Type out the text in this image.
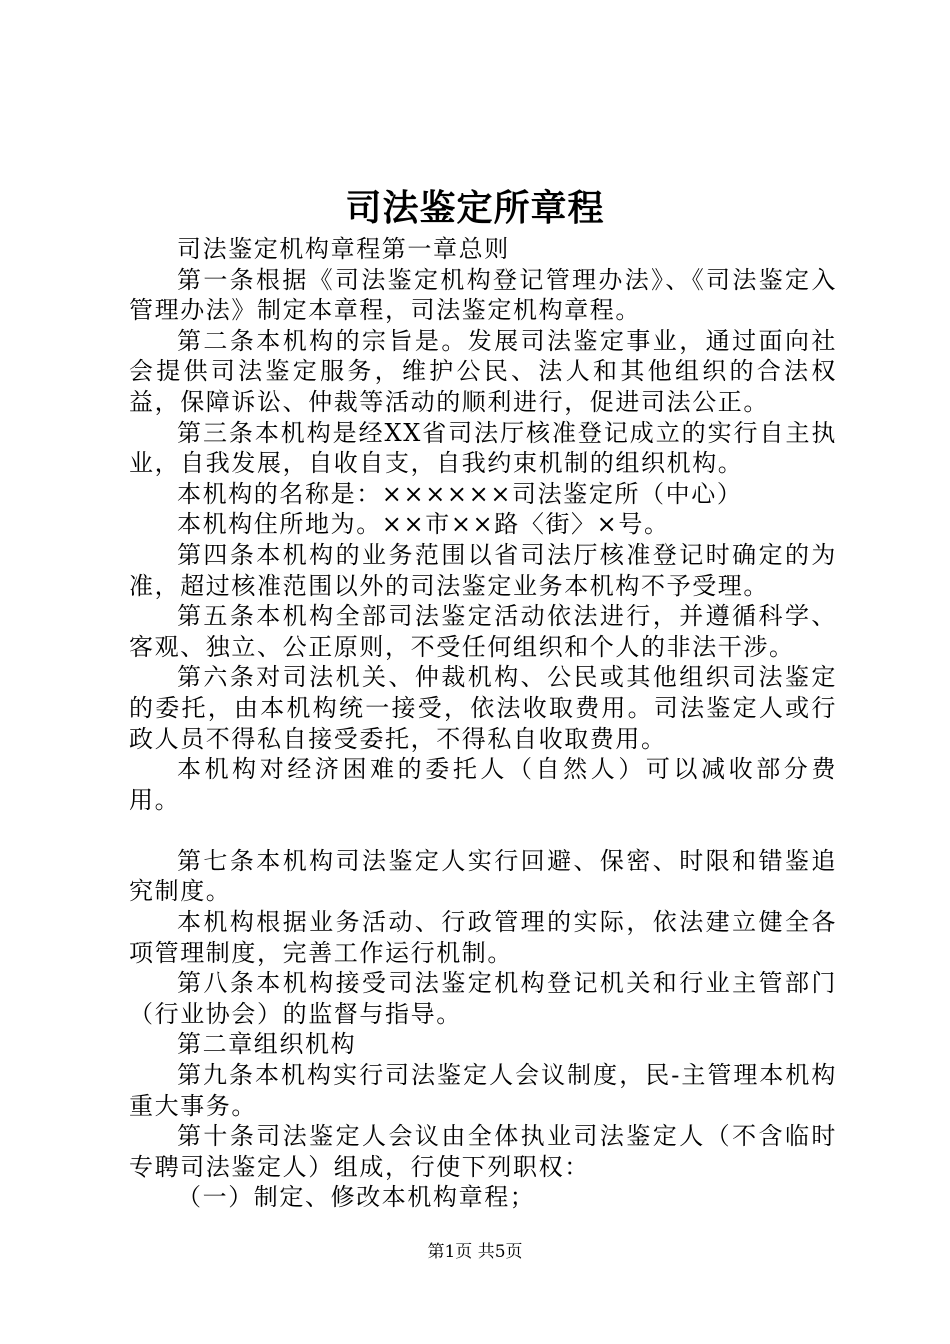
司法鉴定所章程

司法鉴定机构章程第一章总则

第一条根据《司法鉴定机构登记管理办法》、《司法鉴定入管理办法》制定本章程，司法鉴定机构章程。

第二条本机构的宗旨是。发展司法鉴定事业，通过面向社会提供司法鉴定服务，维护公民、法人和其他组织的合法权益，保障诉讼、仲裁等活动的顺利进行，促进司法公正。

第三条本机构是经XX省司法厅核准登记成立的实行自主执业，自我发展，自收自支，自我约束机制的组织机构。

本机构的名称是：××××××司法鉴定所（中心）

本机构住所地为。××市××路〈街〉×号。

第四条本机构的业务范围以省司法厅核准登记时确定的为准，超过核准范围以外的司法鉴定业务本机构不予受理。

第五条本机构全部司法鉴定活动依法进行，并遵循科学、客观、独立、公正原则，不受任何组织和个人的非法干涉。

第六条对司法机关、仲裁机构、公民或其他组织司法鉴定的委托，由本机构统一接受，依法收取费用。司法鉴定人或行政人员不得私自接受委托，不得私自收取费用。

本机构对经济困难的委托人（自然人）可以减收部分费用。

第七条本机构司法鉴定人实行回避、保密、时限和错鉴追究制度。

本机构根据业务活动、行政管理的实际，依法建立健全各项管理制度，完善工作运行机制。

第八条本机构接受司法鉴定机构登记机关和行业主管部门（行业协会）的监督与指导。

第二章组织机构

第九条本机构实行司法鉴定人会议制度，民-主管理本机构重大事务。

第十条司法鉴定人会议由全体执业司法鉴定人（不含临时专聘司法鉴定人）组成，行使下列职权：

（一）制定、修改本机构章程；

第1页 共5页
